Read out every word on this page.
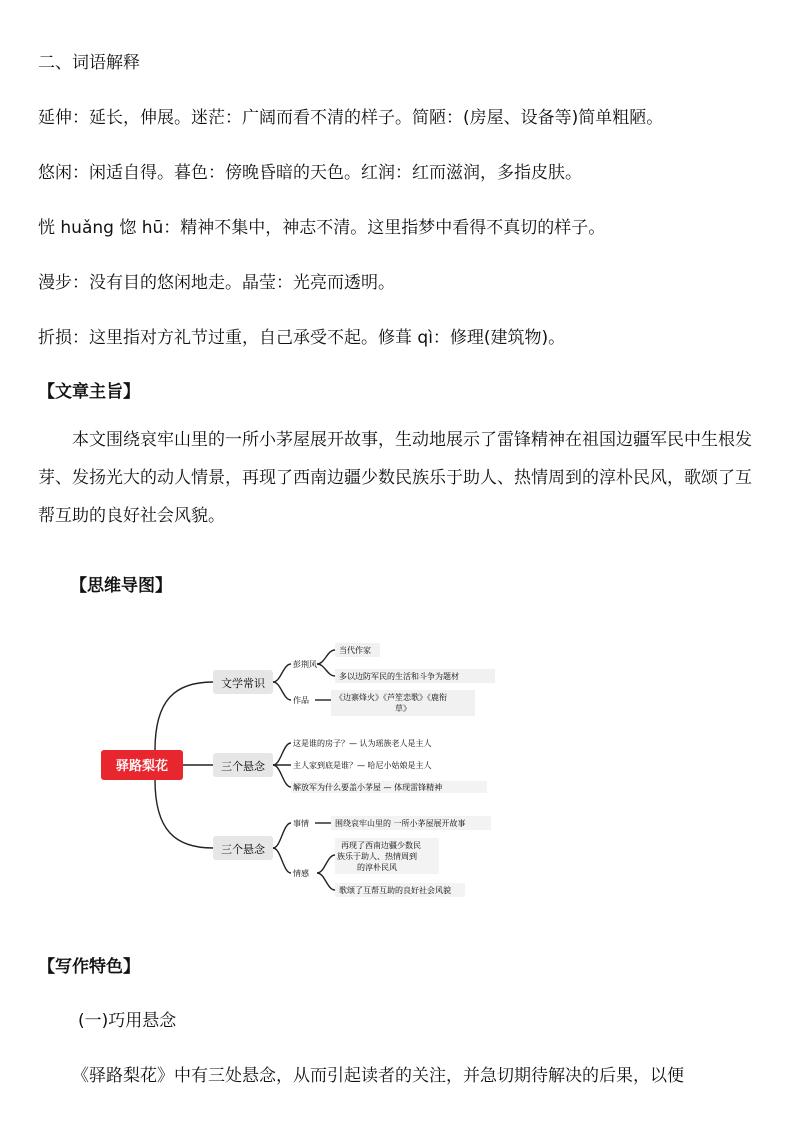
二、词语解释
延伸：延长，伸展。迷茫：广阔而看不清的样子。简陋：(房屋、设备等)简单粗陋。
悠闲：闲适自得。暮色：傍晚昏暗的天色。红润：红而滋润，多指皮肤。
恍 huǎng 惚 hū：精神不集中，神志不清。这里指梦中看得不真切的样子。
漫步：没有目的悠闲地走。晶莹：光亮而透明。
折损：这里指对方礼节过重，自己承受不起。修葺 qì：修理(建筑物)。
【文章主旨】
本文围绕哀牢山里的一所小茅屋展开故事，生动地展示了雷锋精神在祖国边疆军民中生根发芽、发扬光大的动人情景，再现了西南边疆少数民族乐于助人、热情周到的淳朴民风，歌颂了互帮互助的良好社会风貌。
【思维导图】
驿路梨花
文学常识
三个悬念
三个悬念
彭荆风
当代作家
多以边防军民的生活和斗争为题材
作品	《边寨烽火》《芦笙恋歌》《鹿衔
草》
这是谁的房子？— 认为瑶族老人是主人
主人家到底是谁？— 哈尼小姑娘是主人
解放军为什么要盖小茅屋 — 体现雷锋精神
事情	围绕哀牢山里的 一所小茅屋展开故事
情感
再现了西南边疆少数民
族乐于助人、热情周到
的淳朴民风
歌颂了互帮互助的良好社会风貌
【写作特色】
(一)巧用悬念
《驿路梨花》中有三处悬念，从而引起读者的关注，并急切期待解决的后果，以便
